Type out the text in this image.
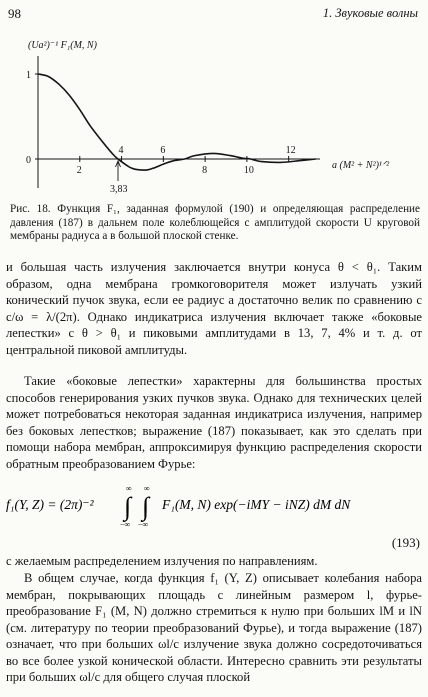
98	1. Звуковые волны
2
4	6
8	10
12
0
1
(Ua²)⁻¹ F₁(M, N)
a (M² + N²)¹ᐟ²
3,83
Рис. 18. Функция F₁, заданная формулой (190) и определяющая распределение давления (187) в дальнем поле колеблющейся с амплитудой скорости U круговой мембраны радиуса a в большой плоской стенке.

и большая часть излучения заключается внутри конуса θ < θ₁. Таким образом, одна мембрана громкоговорителя может излучать узкий конический пучок звука, если ее радиус a достаточно велик по сравнению с c/ω = λ/(2π). Однако индикатриса излучения включает также «боковые лепестки» с θ > θ₁ и пиковыми амплитудами в 13, 7, 4% и т. д. от центральной пиковой амплитуды.

Такие «боковые лепестки» характерны для большинства простых способов генерирования узких пучков звука. Однако для технических целей может потребоваться некоторая заданная индикатриса излучения, например без боковых лепестков; выражение (187) показывает, как это сделать при помощи набора мембран, аппроксимируя функцию распределения скорости обратным преобразованием Фурье:

f₁(Y, Z) = (2π)⁻² ∫
∞
−∞
∫
∞
−∞
F₁(M, N) exp(−iMY − iNZ) dM dN
(193)

с желаемым распределением излучения по направлениям.

В общем случае, когда функция f₁ (Y, Z) описывает колебания набора мембран, покрывающих площадь с линейным размером l, фурье-преобразование F₁ (M, N) должно стремиться к нулю при больших lM и lN (см. литературу по теории преобразований Фурье), и тогда выражение (187) означает, что при больших ωl/c излучение звука должно сосредоточиваться во все более узкой конической области. Интересно сравнить эти результаты при больших ωl/c для общего случая плоской
